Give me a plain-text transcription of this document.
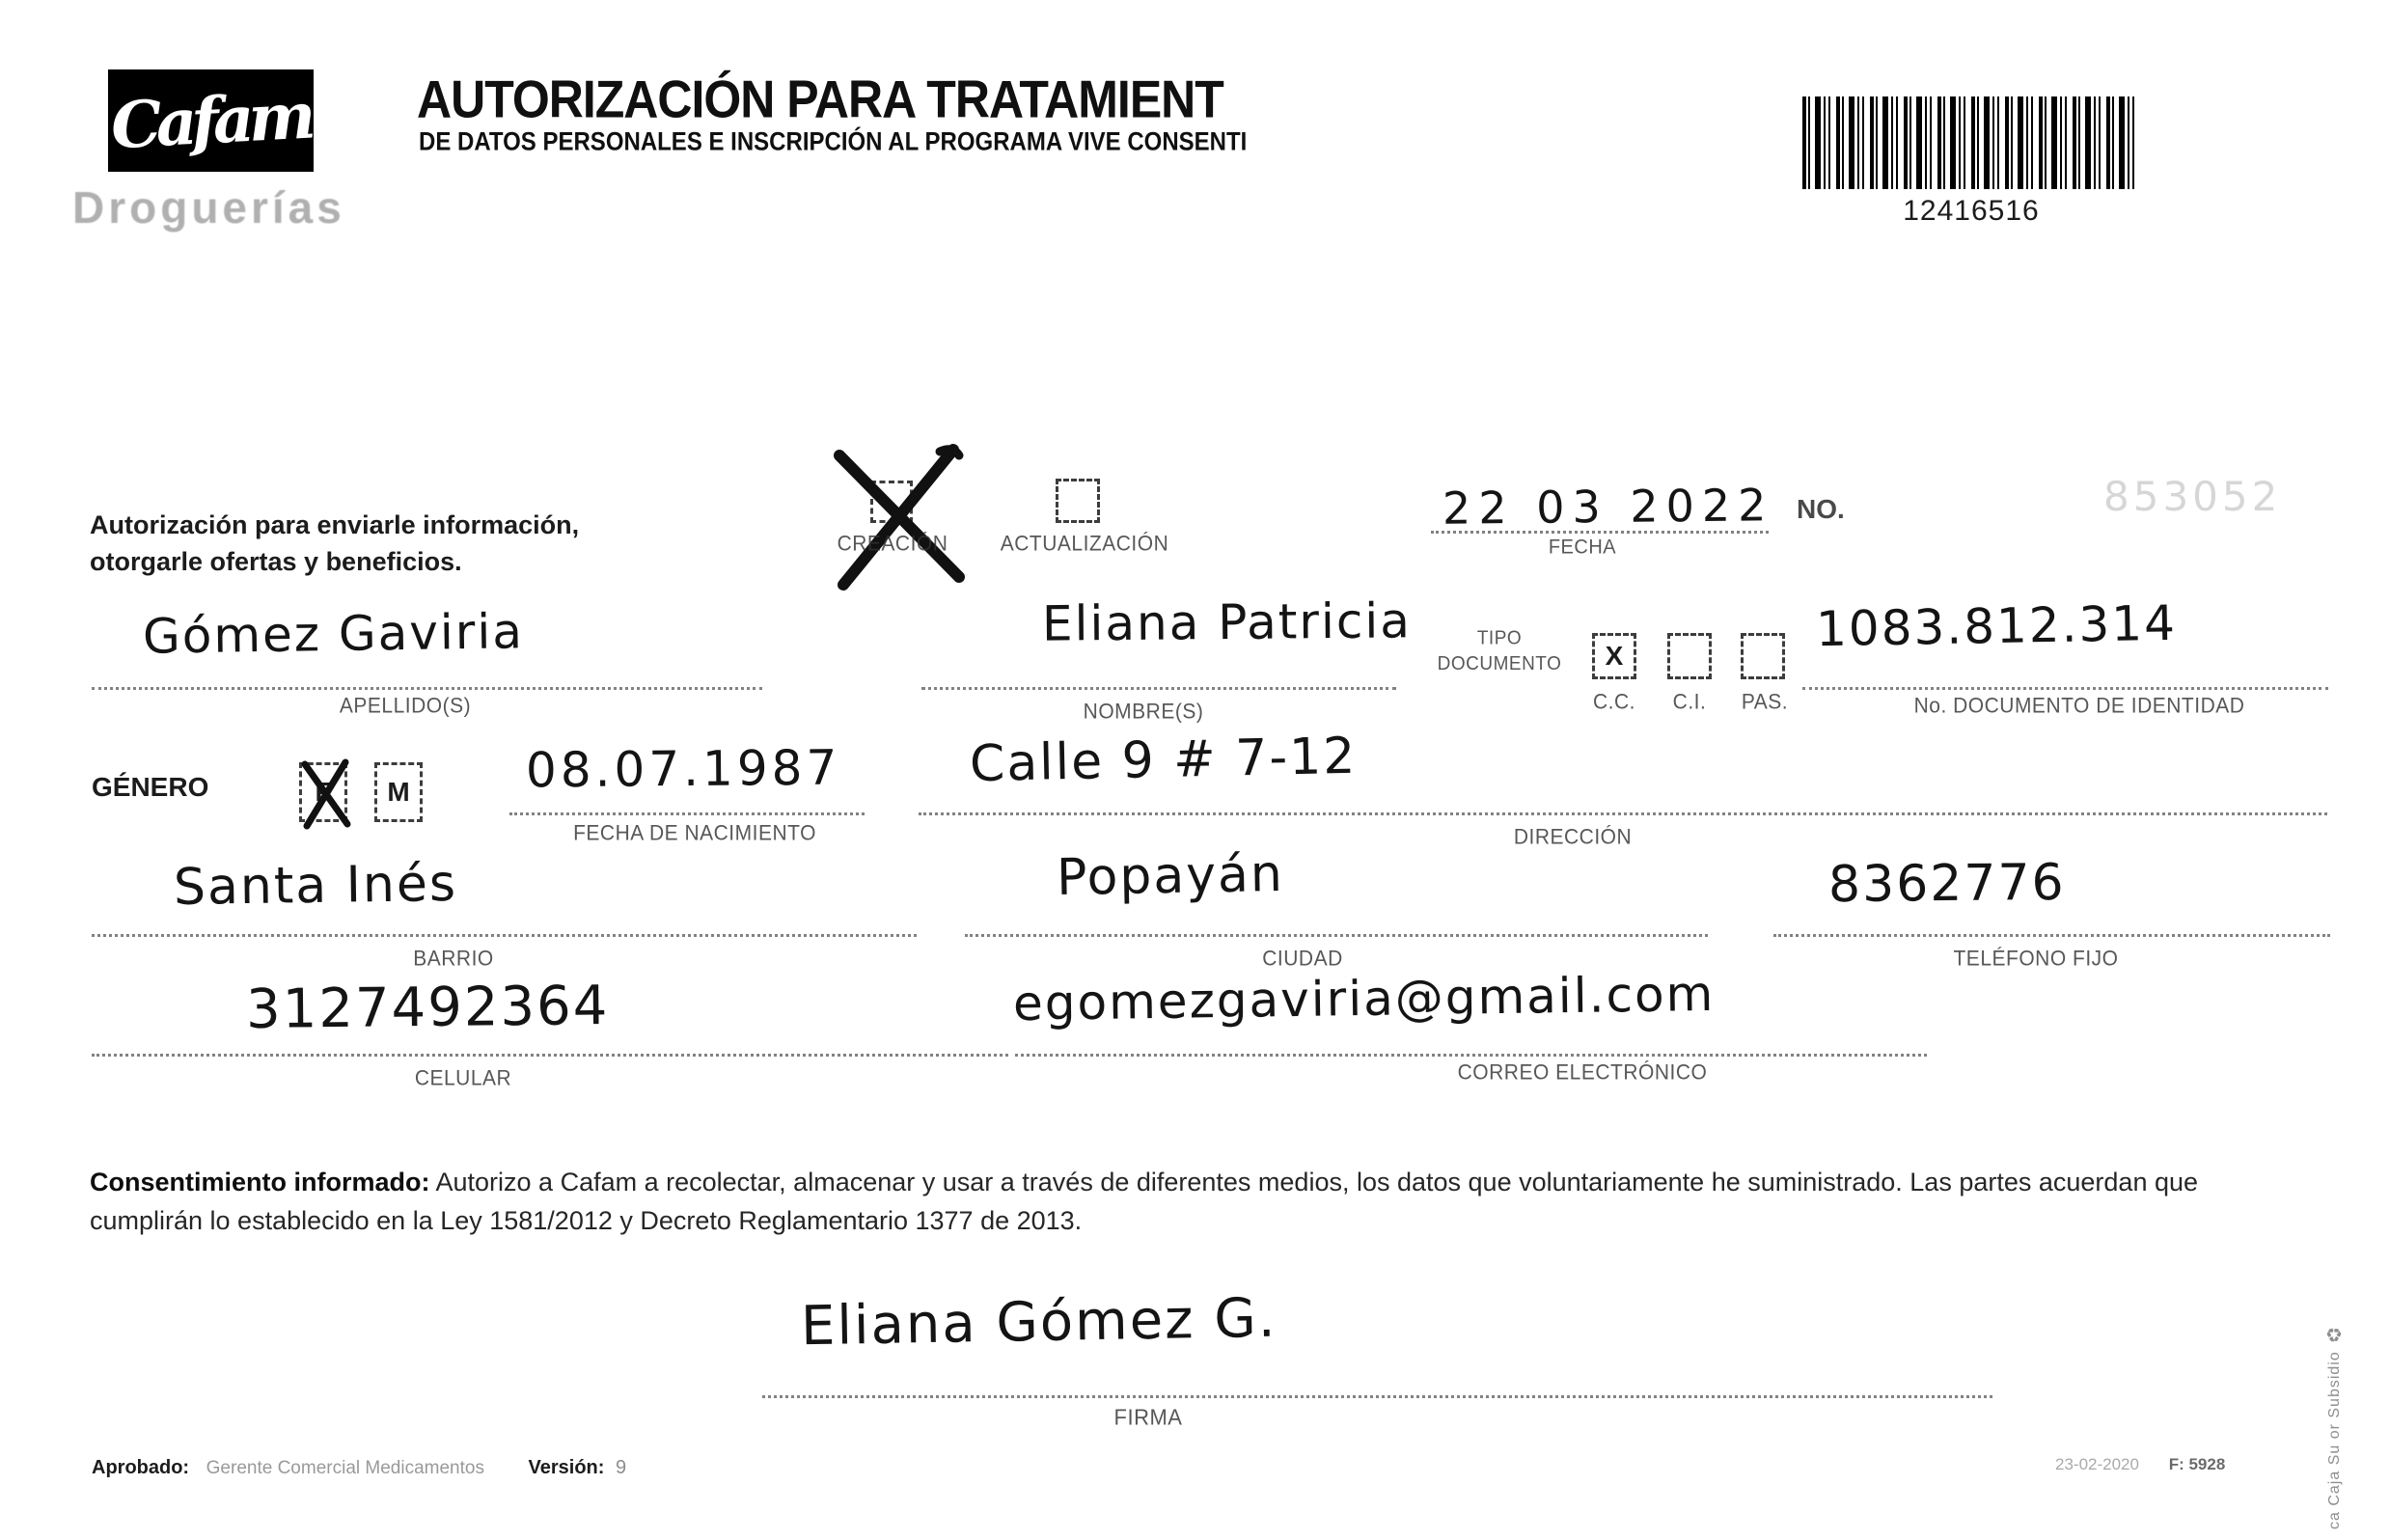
Cafam
Droguerías
AUTORIZACIÓN PARA TRATAMIENT
DE DATOS PERSONALES E INSCRIPCIÓN AL PROGRAMA VIVE CONSENTI
12416516
Autorización para enviarle información,
otorgarle ofertas y beneficios.
CREACIÓN	ACTUALIZACIÓN
22 03 2022
FECHA
NO.	853052
Gómez Gaviria
APELLIDO(S)
Eliana Patricia
NOMBRE(S)
TIPO
DOCUMENTO	X
C.C.	C.I.	PAS.
1083.812.314
No. DOCUMENTO DE IDENTIDAD
GÉNERO	F M 08.07.1987
FECHA DE NACIMIENTO
Calle 9 # 7-12
DIRECCIÓN
Santa Inés
BARRIO
Popayán
CIUDAD
8362776
TELÉFONO FIJO
3127492364
CELULAR
egomezgaviria@gmail.com
CORREO ELECTRÓNICO
Consentimiento informado: Autorizo a Cafam a recolectar, almacenar y usar a través de diferentes medios, los datos que voluntariamente he suministrado. Las partes acuerdan que cumplirán lo establecido en la Ley 1581/2012 y Decreto Reglamentario 1377 de 2013.
Eliana Gómez G.
FIRMA
Aprobado: Gerente Comercial Medicamentos Versión: 9	23-02-2020 F: 5928	ca Caja Su or Subsidio ♻
